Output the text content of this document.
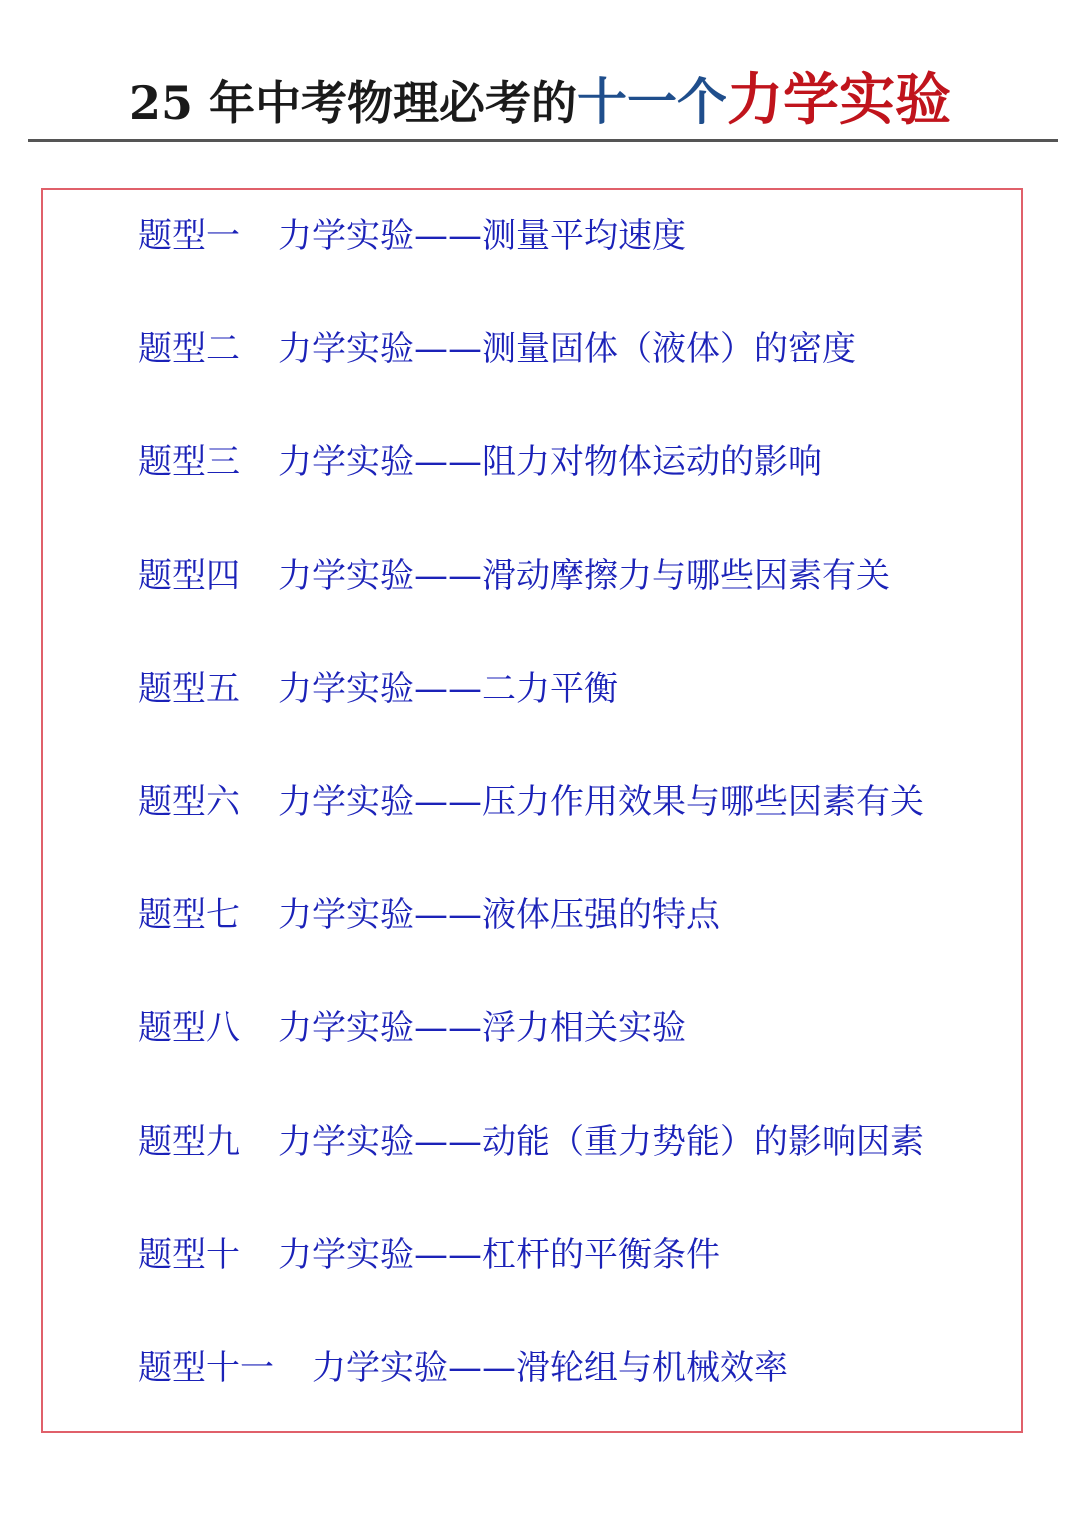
25 年中考物理必考的十一个力学实验
题型一 力学实验——测量平均速度
题型二 力学实验——测量固体（液体）的密度
题型三 力学实验——阻力对物体运动的影响
题型四 力学实验——滑动摩擦力与哪些因素有关
题型五 力学实验——二力平衡
题型六 力学实验——压力作用效果与哪些因素有关
题型七 力学实验——液体压强的特点
题型八 力学实验——浮力相关实验
题型九 力学实验——动能（重力势能）的影响因素
题型十 力学实验——杠杆的平衡条件
题型十一 力学实验——滑轮组与机械效率
